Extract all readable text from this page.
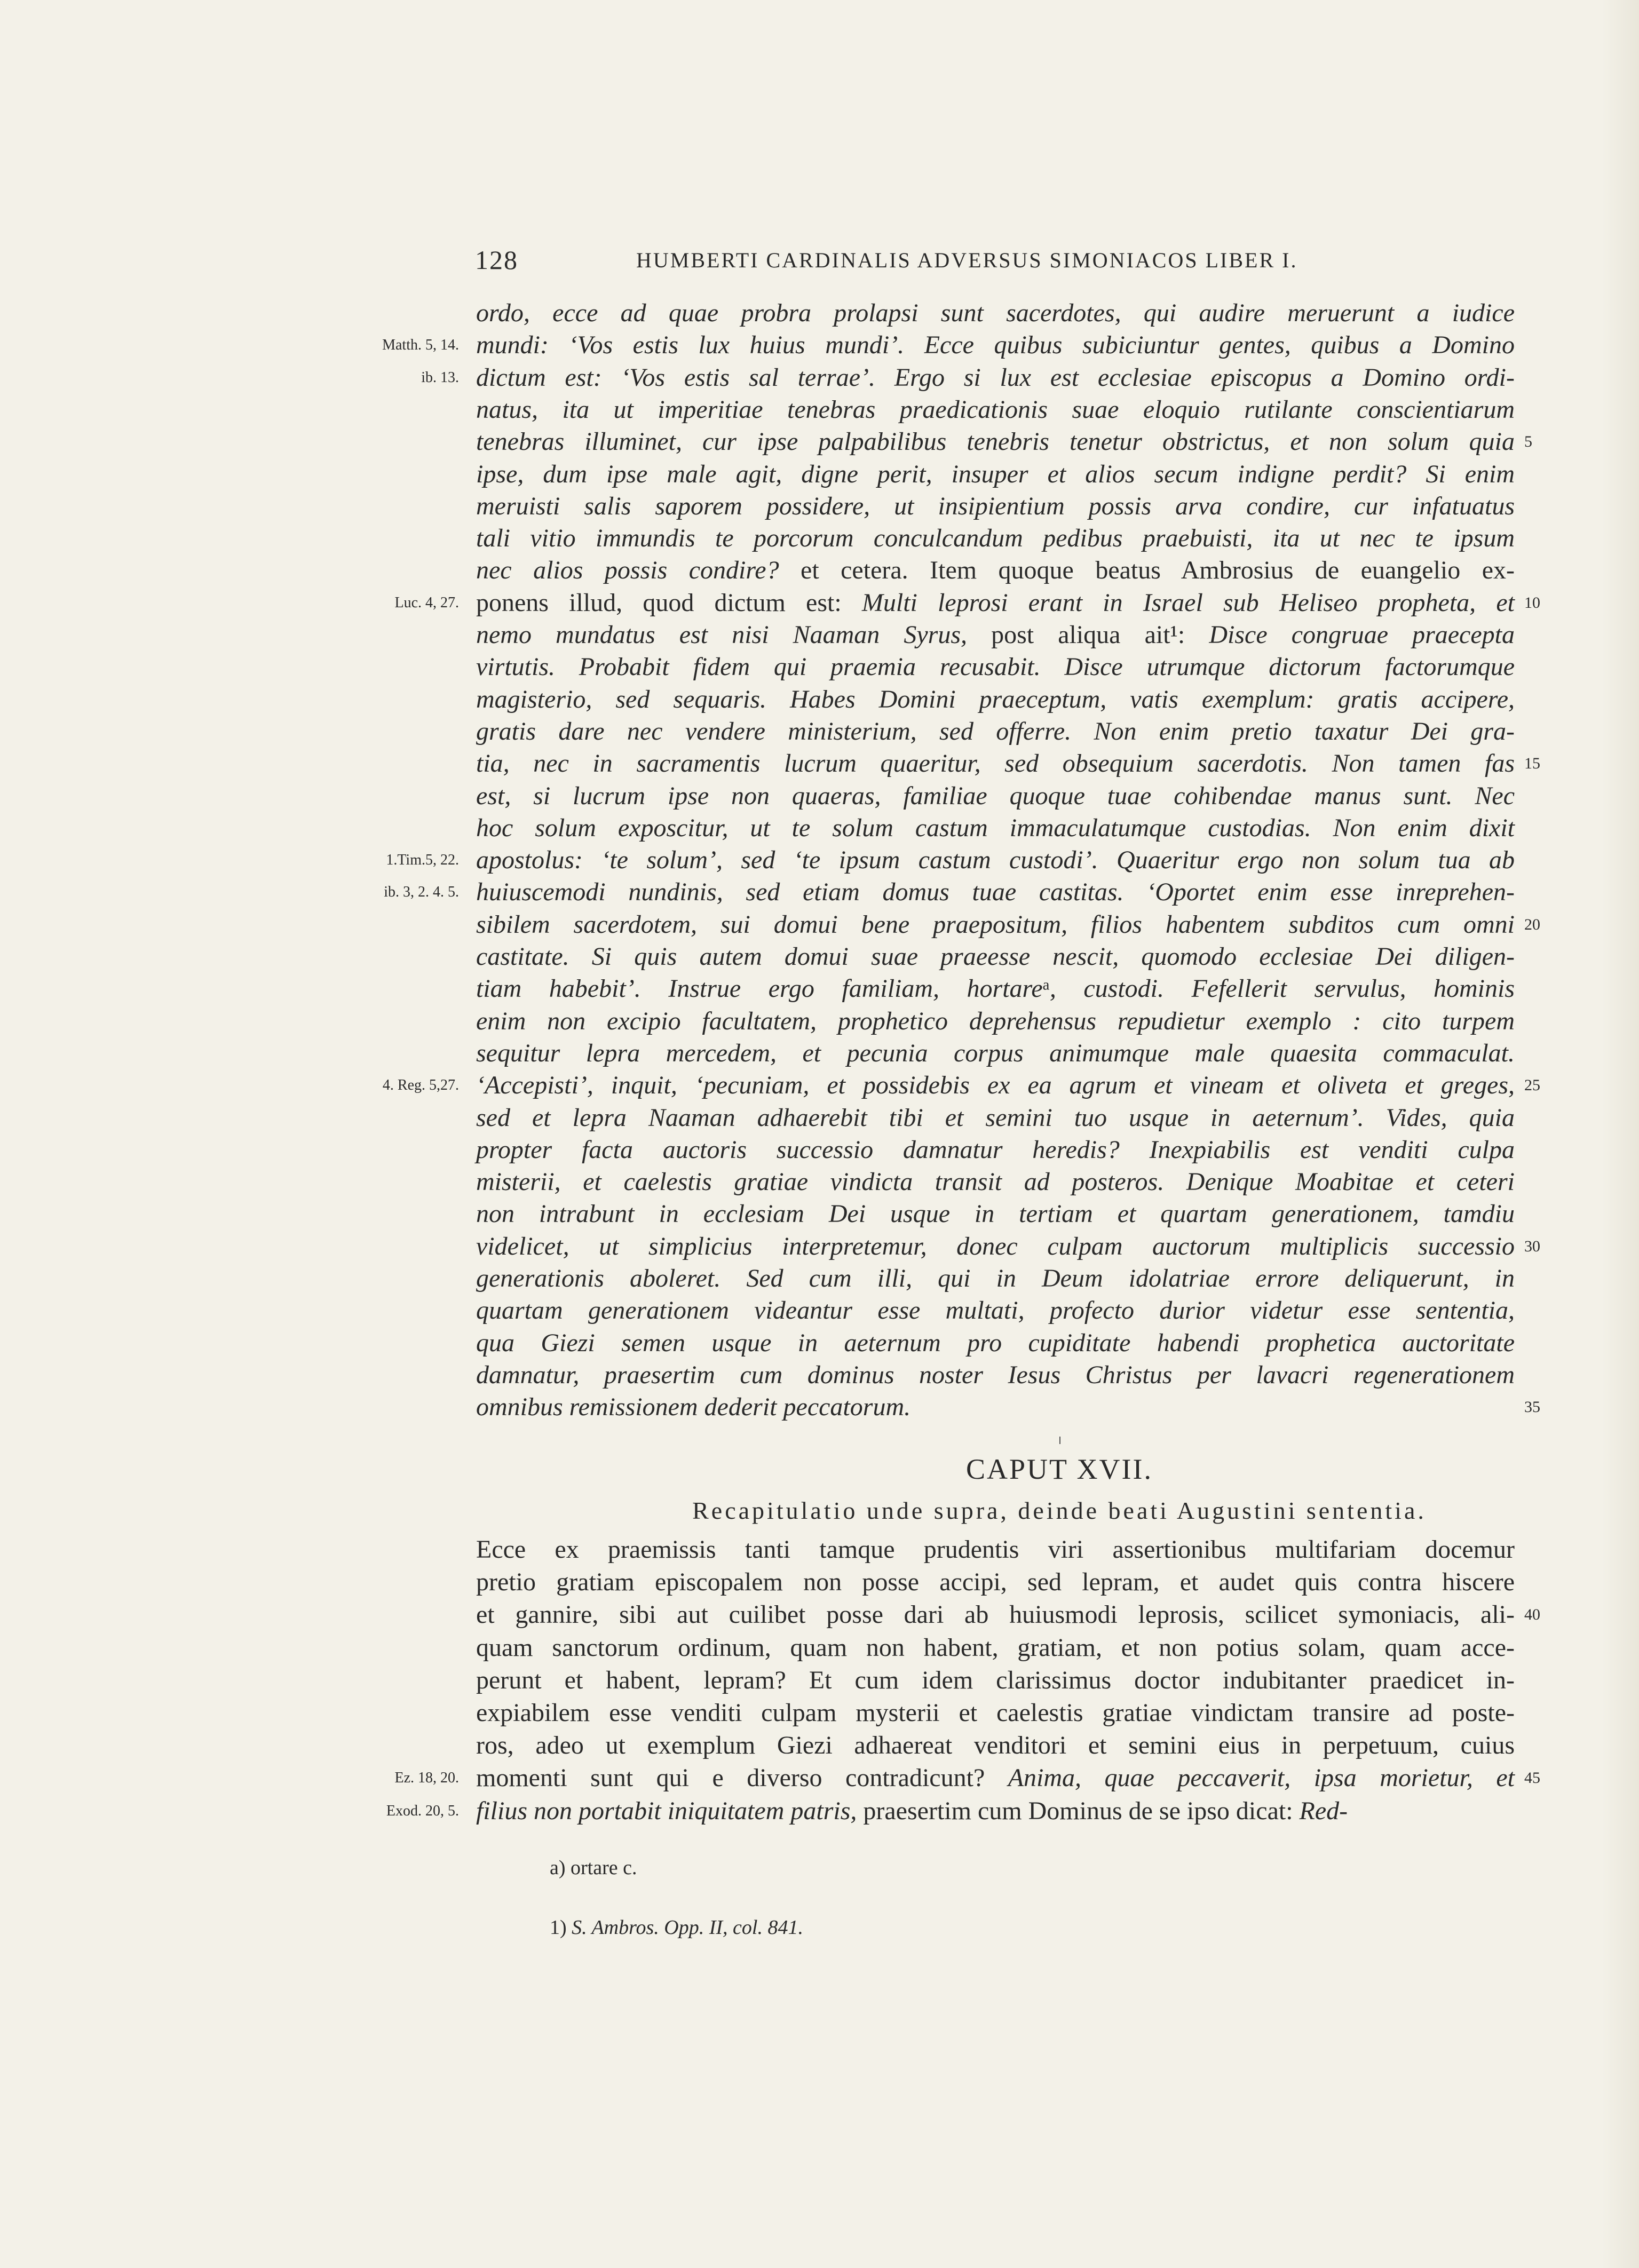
128	HUMBERTI CARDINALIS ADVERSUS SIMONIACOS LIBER I.
ordo, ecce ad quae probra prolapsi sunt sacerdotes, qui audire meruerunt a iudice
mundi: ‘Vos estis lux huius mundi’. Ecce quibus subiciuntur gentes, quibus a Domino
Matth. 5, 14.
dictum est: ‘Vos estis sal terrae’. Ergo si lux est ecclesiae episcopus a Domino ordi-
ib. 13.
natus, ita ut imperitiae tenebras praedicationis suae eloquio rutilante conscientiarum
tenebras illuminet, cur ipse palpabilibus tenebris tenetur obstrictus, et non solum quia 5
ipse, dum ipse male agit, digne perit, insuper et alios secum indigne perdit? Si enim
meruisti salis saporem possidere, ut insipientium possis arva condire, cur infatuatus
tali vitio immundis te porcorum conculcandum pedibus praebuisti, ita ut nec te ipsum
nec alios possis condire? et cetera. Item quoque beatus Ambrosius de euangelio ex-
ponens illud, quod dictum est: Multi leprosi erant in Israel sub Heliseo propheta, et
Luc. 4, 27.	10
nemo mundatus est nisi Naaman Syrus, post aliqua ait¹: Disce congruae praecepta
virtutis. Probabit fidem qui praemia recusabit. Disce utrumque dictorum factorumque
magisterio, sed sequaris. Habes Domini praeceptum, vatis exemplum: gratis accipere,
gratis dare nec vendere ministerium, sed offerre. Non enim pretio taxatur Dei gra-
tia, nec in sacramentis lucrum quaeritur, sed obsequium sacerdotis. Non tamen fas 15
est, si lucrum ipse non quaeras, familiae quoque tuae cohibendae manus sunt. Nec
hoc solum exposcitur, ut te solum castum immaculatumque custodias. Non enim dixit
apostolus: ‘te solum’, sed ‘te ipsum castum custodi’. Quaeritur ergo non solum tua ab
1.Tim.5, 22.
huiuscemodi nundinis, sed etiam domus tuae castitas. ‘Oportet enim esse inreprehen-
ib. 3, 2. 4. 5.
sibilem sacerdotem, sui domui bene praepositum, filios habentem subditos cum omni 20
castitate. Si quis autem domui suae praeesse nescit, quomodo ecclesiae Dei diligen-
tiam habebit’. Instrue ergo familiam, hortareᵃ, custodi. Fefellerit servulus, hominis
enim non excipio facultatem, prophetico deprehensus repudietur exemplo : cito turpem
sequitur lepra mercedem, et pecunia corpus animumque male quaesita commaculat.
‘Accepisti’, inquit, ‘pecuniam, et possidebis ex ea agrum et vineam et oliveta et greges,
4. Reg. 5,27.	25
sed et lepra Naaman adhaerebit tibi et semini tuo usque in aeternum’. Vides, quia
propter facta auctoris successio damnatur heredis? Inexpiabilis est venditi culpa
misterii, et caelestis gratiae vindicta transit ad posteros. Denique Moabitae et ceteri
non intrabunt in ecclesiam Dei usque in tertiam et quartam generationem, tamdiu
videlicet, ut simplicius interpretemur, donec culpam auctorum multiplicis successio 30
generationis aboleret. Sed cum illi, qui in Deum idolatriae errore deliquerunt, in
quartam generationem videantur esse multati, profecto durior videtur esse sententia,
qua Giezi semen usque in aeternum pro cupiditate habendi prophetica auctoritate
damnatur, praesertim cum dominus noster Iesus Christus per lavacri regenerationem
omnibus remissionem dederit peccatorum.	35
CAPUT XVII.
Recapitulatio unde supra, deinde beati Augustini sententia.
Ecce ex praemissis tanti tamque prudentis viri assertionibus multifariam docemur
pretio gratiam episcopalem non posse accipi, sed lepram, et audet quis contra hiscere
et gannire, sibi aut cuilibet posse dari ab huiusmodi leprosis, scilicet symoniacis, ali- 40
quam sanctorum ordinum, quam non habent, gratiam, et non potius solam, quam acce-
perunt et habent, lepram? Et cum idem clarissimus doctor indubitanter praedicet in-
expiabilem esse venditi culpam mysterii et caelestis gratiae vindictam transire ad poste-
ros, adeo ut exemplum Giezi adhaereat venditori et semini eius in perpetuum, cuius
momenti sunt qui e diverso contradicunt? Anima, quae peccaverit, ipsa morietur, et
Ez. 18, 20.	45
filius non portabit iniquitatem patris, praesertim cum Dominus de se ipso dicat: Red-
Exod. 20, 5.
a) ortare c.
1) S. Ambros. Opp. II, col. 841.
